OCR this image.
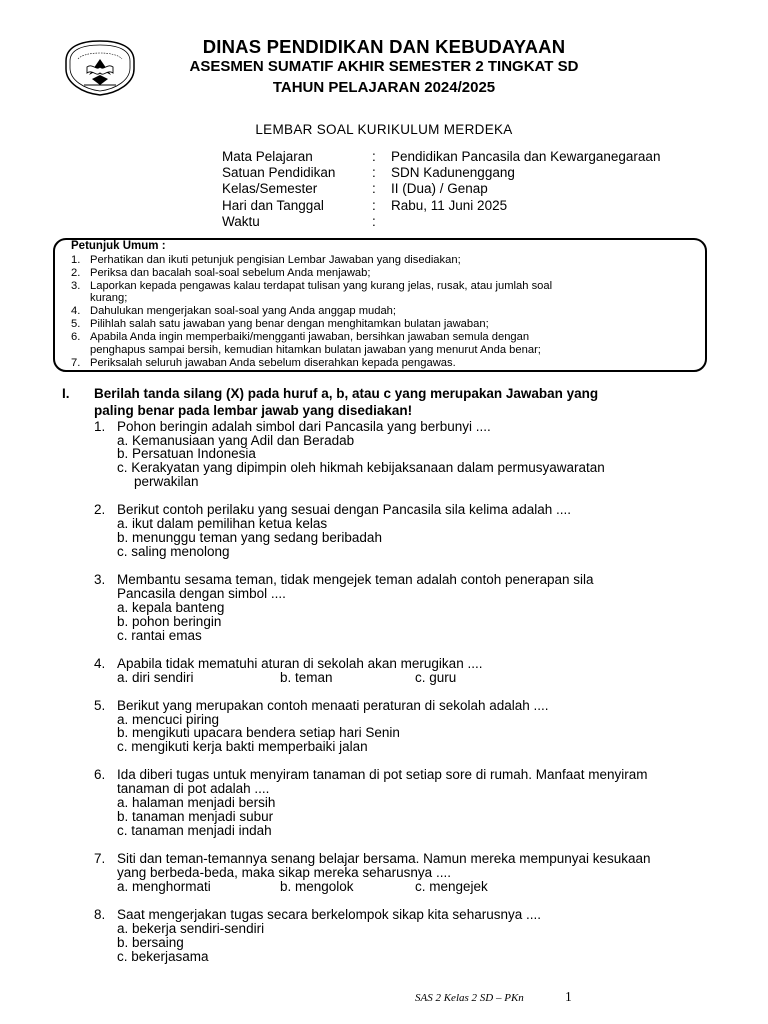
DINAS PENDIDIKAN DAN KEBUDAYAAN
ASESMEN SUMATIF AKHIR SEMESTER 2 TINGKAT SD
TAHUN PELAJARAN 2024/2025
LEMBAR SOAL KURIKULUM MERDEKA
Mata Pelajaran	: Pendidikan Pancasila dan Kewarganegaraan
Satuan Pendidikan	: SDN Kadunenggang
Kelas/Semester	: II (Dua) / Genap
Hari dan Tanggal	: Rabu, 11 Juni 2025
Waktu	:
Petunjuk Umum :
1. Perhatikan dan ikuti petunjuk pengisian Lembar Jawaban yang disediakan;
2. Periksa dan bacalah soal-soal sebelum Anda menjawab;
3. Laporkan kepada pengawas kalau terdapat tulisan yang kurang jelas, rusak, atau jumlah soal
kurang;
4. Dahulukan mengerjakan soal-soal yang Anda anggap mudah;
5. Pilihlah salah satu jawaban yang benar dengan menghitamkan bulatan jawaban;
6. Apabila Anda ingin memperbaiki/mengganti jawaban, bersihkan jawaban semula dengan
penghapus sampai bersih, kemudian hitamkan bulatan jawaban yang menurut Anda benar;
7. Periksalah seluruh jawaban Anda sebelum diserahkan kepada pengawas.
I. Berilah tanda silang (X) pada huruf a, b, atau c yang merupakan Jawaban yang
paling benar pada lembar jawab yang disediakan!
1. Pohon beringin adalah simbol dari Pancasila yang berbunyi ....
a. Kemanusiaan yang Adil dan Beradab
b. Persatuan Indonesia
c. Kerakyatan yang dipimpin oleh hikmah kebijaksanaan dalam permusyawaratan
perwakilan
2. Berikut contoh perilaku yang sesuai dengan Pancasila sila kelima adalah ....
a. ikut dalam pemilihan ketua kelas
b. menunggu teman yang sedang beribadah
c. saling menolong
3. Membantu sesama teman, tidak mengejek teman adalah contoh penerapan sila
Pancasila dengan simbol ....
a. kepala banteng
b. pohon beringin
c. rantai emas
4. Apabila tidak mematuhi aturan di sekolah akan merugikan ....
a. diri sendiri	b. teman	c. guru
5. Berikut yang merupakan contoh menaati peraturan di sekolah adalah ....
a. mencuci piring
b. mengikuti upacara bendera setiap hari Senin
c. mengikuti kerja bakti memperbaiki jalan
6. Ida diberi tugas untuk menyiram tanaman di pot setiap sore di rumah. Manfaat menyiram
tanaman di pot adalah ....
a. halaman menjadi bersih
b. tanaman menjadi subur
c. tanaman menjadi indah
7. Siti dan teman-temannya senang belajar bersama. Namun mereka mempunyai kesukaan
yang berbeda-beda, maka sikap mereka seharusnya ....
a. menghormati	b. mengolok	c. mengejek
8. Saat mengerjakan tugas secara berkelompok sikap kita seharusnya ....
a. bekerja sendiri-sendiri
b. bersaing
c. bekerjasama
SAS 2 Kelas 2 SD – PKn	1
